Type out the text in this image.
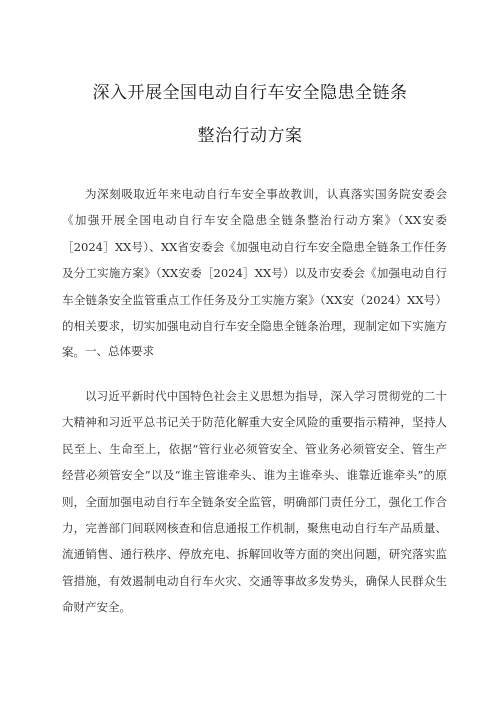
深入开展全国电动自行车安全隐患全链条
整治行动方案

为深刻吸取近年来电动自行车安全事故教训，认真落实国务院安委会《加强开展全国电动自行车安全隐患全链条整治行动方案》（XX安委［2024］XX号）、XX省安委会《加强电动自行车安全隐患全链条工作任务及分工实施方案》（XX安委［2024］XX号）以及市安委会《加强电动自行车全链条安全监管重点工作任务及分工实施方案》（XX安（2024）XX号）的相关要求，切实加强电动自行车安全隐患全链条治理，现制定如下实施方案。 一、总体要求

以习近平新时代中国特色社会主义思想为指导，深入学习贯彻党的二十大精神和习近平总书记关于防范化解重大安全风险的重要指示精神，坚持人民至上、生命至上，依据“管行业必须管安全、管业务必须管安全、管生产经营必须管安全”以及“谁主管谁牵头、谁为主谁牵头、谁靠近谁牵头”的原则，全面加强电动自行车全链条安全监管，明确部门责任分工，强化工作合力，完善部门间联网核查和信息通报工作机制，聚焦电动自行车产品质量、流通销售、通行秩序、停放充电、拆解回收等方面的突出问题，研究落实监管措施，有效遏制电动自行车火灾、交通等事故多发势头，确保人民群众生命财产安全。
